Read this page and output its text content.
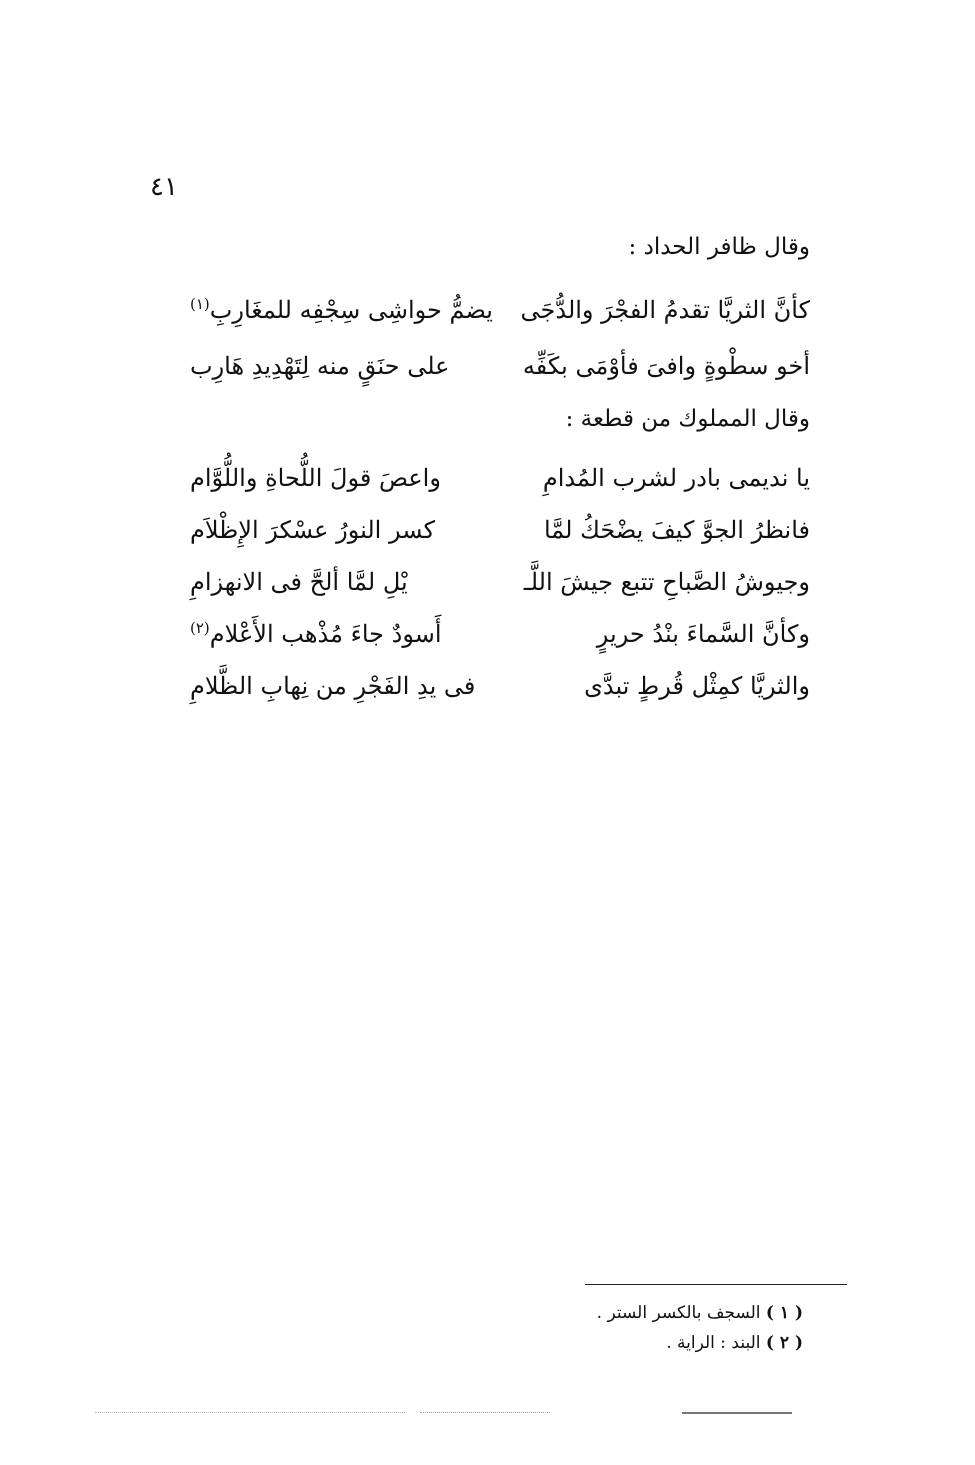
٤١
وقال ظافر الحداد :
كأنَّ الثريَّا تقدمُ الفجْرَ والدُّجَى
يضمُّ حواشِى سِجْفِه للمغَارِبِ$^{(١)}$
أخو سطْوةٍ وافىَ فأوْمَى بكَفِّه
على حنَقٍ منه لِتَهْدِيدِ هَارِب
وقال المملوك من قطعة :
يا نديمى بادر لشرب المُدامِ
واعصَ قولَ اللُّحاةِ واللُّوَّام
فانظرُ الجوَّ كيفَ يضْحَكُ لمَّا
كسر النورُ عسْكرَ الإِظْلاَم
وجيوشُ الصَّباحِ تتبع جيشَ اللَّـ
يْلِ لمَّا ألحَّ فى الانهزامِ
وكأنَّ السَّماءَ بنْدُ حريرٍ
أَسودٌ جاءَ مُذْهب الأَعْلام$^{(٢)}$
والثريَّا كمِثْل قُرطٍ تبدَّى
فى يدِ الفَجْرِ من نِهابِ الظَّلامِ
( ١ ) السجف بالكسر الستر .
( ٢ ) البند : الراية .
